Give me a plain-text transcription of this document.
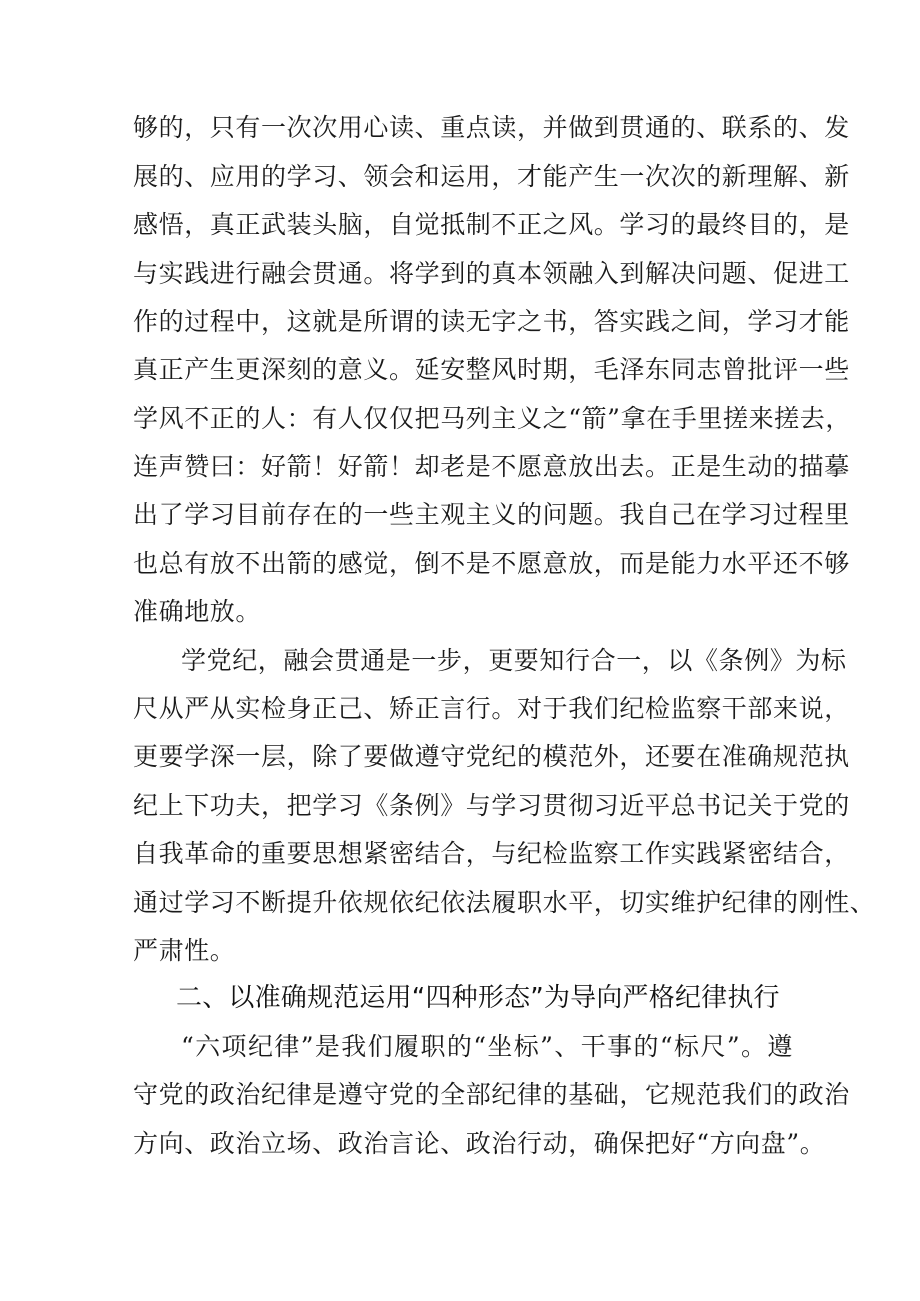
够的，只有一次次用心读、重点读，并做到贯通的、联系的、发
展的、应用的学习、领会和运用，才能产生一次次的新理解、新
感悟，真正武装头脑，自觉抵制不正之风。学习的最终目的，是
与实践进行融会贯通。将学到的真本领融入到解决问题、促进工
作的过程中，这就是所谓的读无字之书，答实践之间，学习才能
真正产生更深刻的意义。延安整风时期，毛泽东同志曾批评一些
学风不正的人：有人仅仅把马列主义之“箭”拿在手里搓来搓去，
连声赞曰：好箭！好箭！却老是不愿意放出去。正是生动的描摹
出了学习目前存在的一些主观主义的问题。我自己在学习过程里
也总有放不出箭的感觉，倒不是不愿意放，而是能力水平还不够
准确地放。
学党纪，融会贯通是一步，更要知行合一，以《条例》为标
尺从严从实检身正己、矫正言行。对于我们纪检监察干部来说，
更要学深一层，除了要做遵守党纪的模范外，还要在准确规范执
纪上下功夫，把学习《条例》与学习贯彻习近平总书记关于党的
自我革命的重要思想紧密结合，与纪检监察工作实践紧密结合，
通过学习不断提升依规依纪依法履职水平，切实维护纪律的刚性、
严肃性。
二、以准确规范运用“四种形态”为导向严格纪律执行
“六项纪律”是我们履职的“坐标”、干事的“标尺”。遵
守党的政治纪律是遵守党的全部纪律的基础，它规范我们的政治
方向、政治立场、政治言论、政治行动，确保把好“方向盘”。
